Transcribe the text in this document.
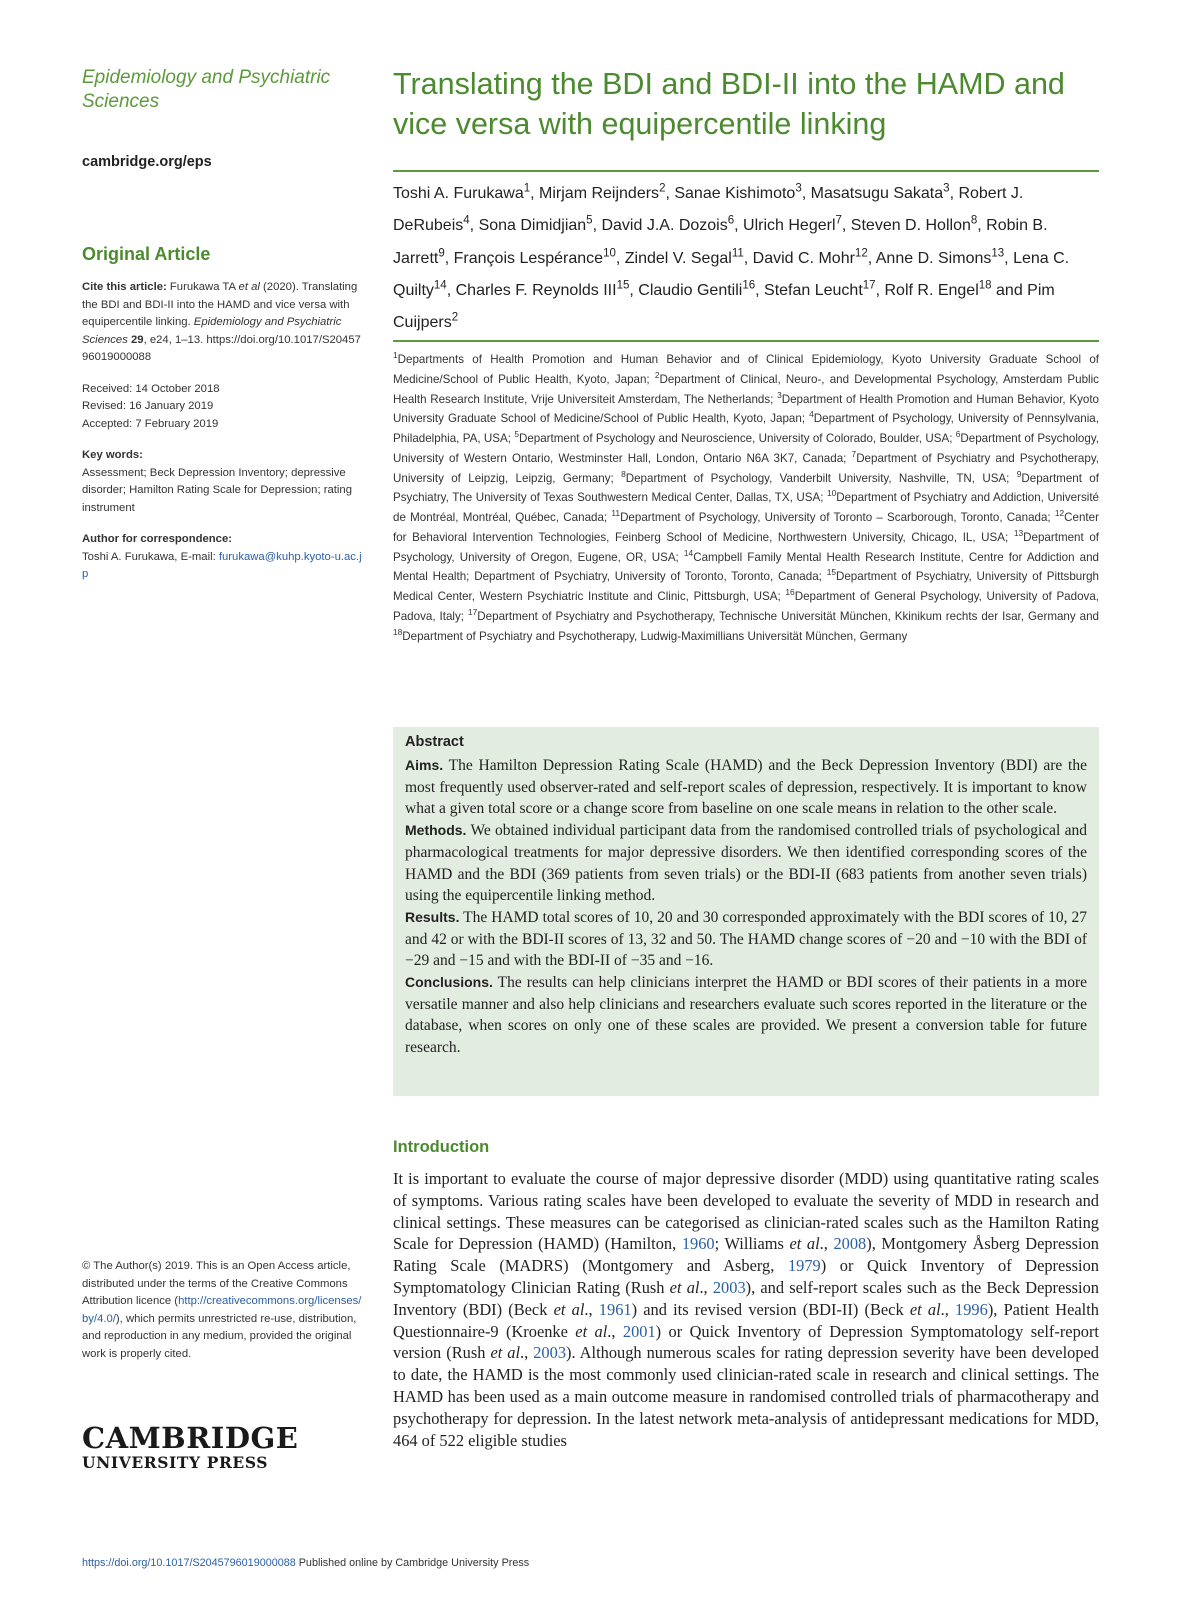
Epidemiology and Psychiatric Sciences

cambridge.org/eps
Original Article
Cite this article: Furukawa TA et al (2020). Translating the BDI and BDI-II into the HAMD and vice versa with equipercentile linking. Epidemiology and Psychiatric Sciences 29, e24, 1–13. https://doi.org/10.1017/S2045796019000088
Received: 14 October 2018
Revised: 16 January 2019
Accepted: 7 February 2019
Key words:
Assessment; Beck Depression Inventory; depressive disorder; Hamilton Rating Scale for Depression; rating instrument
Author for correspondence:
Toshi A. Furukawa, E-mail: furukawa@kuhp.kyoto-u.ac.jp
© The Author(s) 2019. This is an Open Access article, distributed under the terms of the Creative Commons Attribution licence (http://creativecommons.org/licenses/by/4.0/), which permits unrestricted re-use, distribution, and reproduction in any medium, provided the original work is properly cited.
CAMBRIDGE
UNIVERSITY PRESS
Translating the BDI and BDI-II into the HAMD and vice versa with equipercentile linking
Toshi A. Furukawa$^1$, Mirjam Reijnders$^2$, Sanae Kishimoto$^3$, Masatsugu Sakata$^3$, Robert J. DeRubeis$^4$, Sona Dimidjian$^5$, David J.A. Dozois$^6$, Ulrich Hegerl$^7$, Steven D. Hollon$^8$, Robin B. Jarrett$^9$, François Lespérance$^{10}$, Zindel V. Segal$^{11}$, David C. Mohr$^{12}$, Anne D. Simons$^{13}$, Lena C. Quilty$^{14}$, Charles F. Reynolds III$^{15}$, Claudio Gentili$^{16}$, Stefan Leucht$^{17}$, Rolf R. Engel$^{18}$ and Pim Cuijpers$^2$
$^1$Departments of Health Promotion and Human Behavior and of Clinical Epidemiology, Kyoto University Graduate School of Medicine/School of Public Health, Kyoto, Japan; $^2$Department of Clinical, Neuro-, and Developmental Psychology, Amsterdam Public Health Research Institute, Vrije Universiteit Amsterdam, The Netherlands; $^3$Department of Health Promotion and Human Behavior, Kyoto University Graduate School of Medicine/School of Public Health, Kyoto, Japan; $^4$Department of Psychology, University of Pennsylvania, Philadelphia, PA, USA; $^5$Department of Psychology and Neuroscience, University of Colorado, Boulder, USA; $^6$Department of Psychology, University of Western Ontario, Westminster Hall, London, Ontario N6A 3K7, Canada; $^7$Department of Psychiatry and Psychotherapy, University of Leipzig, Leipzig, Germany; $^8$Department of Psychology, Vanderbilt University, Nashville, TN, USA; $^9$Department of Psychiatry, The University of Texas Southwestern Medical Center, Dallas, TX, USA; $^{10}$Department of Psychiatry and Addiction, Université de Montréal, Montréal, Québec, Canada; $^{11}$Department of Psychology, University of Toronto – Scarborough, Toronto, Canada; $^{12}$Center for Behavioral Intervention Technologies, Feinberg School of Medicine, Northwestern University, Chicago, IL, USA; $^{13}$Department of Psychology, University of Oregon, Eugene, OR, USA; $^{14}$Campbell Family Mental Health Research Institute, Centre for Addiction and Mental Health; Department of Psychiatry, University of Toronto, Toronto, Canada; $^{15}$Department of Psychiatry, University of Pittsburgh Medical Center, Western Psychiatric Institute and Clinic, Pittsburgh, USA; $^{16}$Department of General Psychology, University of Padova, Padova, Italy; $^{17}$Department of Psychiatry and Psychotherapy, Technische Universität München, Kkinikum rechts der Isar, Germany and $^{18}$Department of Psychiatry and Psychotherapy, Ludwig-Maximillians Universität München, Germany
Abstract

Aims. The Hamilton Depression Rating Scale (HAMD) and the Beck Depression Inventory (BDI) are the most frequently used observer-rated and self-report scales of depression, respectively. It is important to know what a given total score or a change score from baseline on one scale means in relation to the other scale.

Methods. We obtained individual participant data from the randomised controlled trials of psychological and pharmacological treatments for major depressive disorders. We then identified corresponding scores of the HAMD and the BDI (369 patients from seven trials) or the BDI-II (683 patients from another seven trials) using the equipercentile linking method.

Results. The HAMD total scores of 10, 20 and 30 corresponded approximately with the BDI scores of 10, 27 and 42 or with the BDI-II scores of 13, 32 and 50. The HAMD change scores of −20 and −10 with the BDI of −29 and −15 and with the BDI-II of −35 and −16.

Conclusions. The results can help clinicians interpret the HAMD or BDI scores of their patients in a more versatile manner and also help clinicians and researchers evaluate such scores reported in the literature or the database, when scores on only one of these scales are provided. We present a conversion table for future research.

Introduction
It is important to evaluate the course of major depressive disorder (MDD) using quantitative rating scales of symptoms. Various rating scales have been developed to evaluate the severity of MDD in research and clinical settings. These measures can be categorised as clinician-rated scales such as the Hamilton Rating Scale for Depression (HAMD) (Hamilton, 1960; Williams et al., 2008), Montgomery Åsberg Depression Rating Scale (MADRS) (Montgomery and Asberg, 1979) or Quick Inventory of Depression Symptomatology Clinician Rating (Rush et al., 2003), and self-report scales such as the Beck Depression Inventory (BDI) (Beck et al., 1961) and its revised version (BDI-II) (Beck et al., 1996), Patient Health Questionnaire-9 (Kroenke et al., 2001) or Quick Inventory of Depression Symptomatology self-report version (Rush et al., 2003). Although numerous scales for rating depression severity have been developed to date, the HAMD is the most commonly used clinician-rated scale in research and clinical settings. The HAMD has been used as a main outcome measure in randomised controlled trials of pharmacotherapy and psychotherapy for depression. In the latest network meta-analysis of antidepressant medications for MDD, 464 of 522 eligible studies
https://doi.org/10.1017/S2045796019000088 Published online by Cambridge University Press
